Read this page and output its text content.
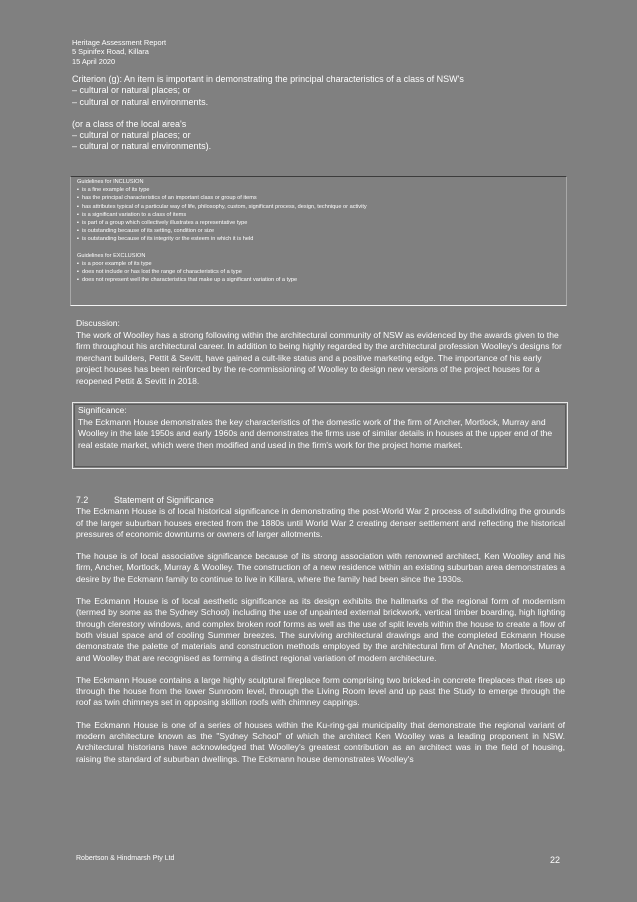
Heritage Assessment Report
5 Spinifex Road, Killara
15 April 2020

Criterion (g): An item is important in demonstrating the principal characteristics of a class of NSW's

– cultural or natural places; or

– cultural or natural environments.

(or a class of the local area's

– cultural or natural places; or

– cultural or natural environments).

Guidelines for INCLUSION
▪ is a fine example of its type
▪ has the principal characteristics of an important class or group of items
▪ has attributes typical of a particular way of life, philosophy, custom, significant process, design, technique or activity
▪ is a significant variation to a class of items
▪ is part of a group which collectively illustrates a representative type
▪ is outstanding because of its setting, condition or size
▪ is outstanding because of its integrity or the esteem in which it is held
Guidelines for EXCLUSION
▪ is a poor example of its type
▪ does not include or has lost the range of characteristics of a type
▪ does not represent well the characteristics that make up a significant variation of a type

Discussion:

The work of Woolley has a strong following within the architectural community of NSW as evidenced by the awards given to the firm throughout his architectural career. In addition to being highly regarded by the architectural profession Woolley's designs for merchant builders, Pettit & Sevitt, have gained a cult-like status and a positive marketing edge. The importance of his early project houses has been reinforced by the re-commissioning of Woolley to design new versions of the project houses for a reopened Pettit & Sevitt in 2018.

Significance:

The Eckmann House demonstrates the key characteristics of the domestic work of the firm of Ancher, Mortlock, Murray and Woolley in the late 1950s and early 1960s and demonstrates the firms use of similar details in houses at the upper end of the real estate market, which were then modified and used in the firm's work for the project home market.

7.2	Statement of Significance

The Eckmann House is of local historical significance in demonstrating the post-World War 2 process of subdividing the grounds of the larger suburban houses erected from the 1880s until World War 2 creating denser settlement and reflecting the historical pressures of economic downturns or owners of larger allotments.

The house is of local associative significance because of its strong association with renowned architect, Ken Woolley and his firm, Ancher, Mortlock, Murray & Woolley. The construction of a new residence within an existing suburban area demonstrates a desire by the Eckmann family to continue to live in Killara, where the family had been since the 1930s.

The Eckmann House is of local aesthetic significance as its design exhibits the hallmarks of the regional form of modernism (termed by some as the Sydney School) including the use of unpainted external brickwork, vertical timber boarding, high lighting through clerestory windows, and complex broken roof forms as well as the use of split levels within the house to create a flow of both visual space and of cooling Summer breezes. The surviving architectural drawings and the completed Eckmann House demonstrate the palette of materials and construction methods employed by the architectural firm of Ancher, Mortlock, Murray and Woolley that are recognised as forming a distinct regional variation of modern architecture.

The Eckmann House contains a large highly sculptural fireplace form comprising two bricked-in concrete fireplaces that rises up through the house from the lower Sunroom level, through the Living Room level and up past the Study to emerge through the roof as twin chimneys set in opposing skillion roofs with chimney cappings.

The Eckmann House is one of a series of houses within the Ku-ring-gai municipality that demonstrate the regional variant of modern architecture known as the "Sydney School" of which the architect Ken Woolley was a leading proponent in NSW. Architectural historians have acknowledged that Woolley's greatest contribution as an architect was in the field of housing, raising the standard of suburban dwellings. The Eckmann house demonstrates Woolley's

Robertson & Hindmarsh Pty Ltd	22
